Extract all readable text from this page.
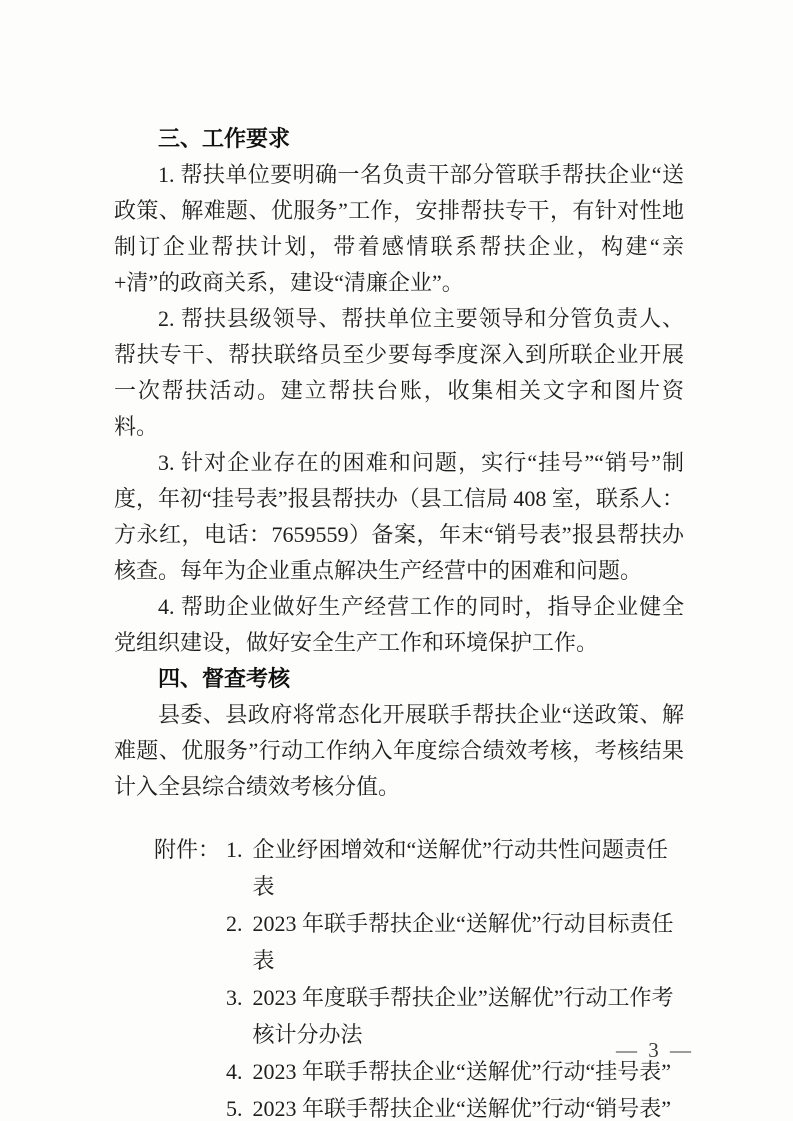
三、工作要求

1. 帮扶单位要明确一名负责干部分管联手帮扶企业“送政策、解难题、优服务”工作，安排帮扶专干，有针对性地制订企业帮扶计划，带着感情联系帮扶企业，构建“亲+清”的政商关系，建设“清廉企业”。

2. 帮扶县级领导、帮扶单位主要领导和分管负责人、帮扶专干、帮扶联络员至少要每季度深入到所联企业开展一次帮扶活动。建立帮扶台账，收集相关文字和图片资料。

3. 针对企业存在的困难和问题，实行“挂号”“销号”制度，年初“挂号表”报县帮扶办（县工信局 408 室，联系人：方永红，电话：7659559）备案，年末“销号表”报县帮扶办核查。每年为企业重点解决生产经营中的困难和问题。

4. 帮助企业做好生产经营工作的同时，指导企业健全党组织建设，做好安全生产工作和环境保护工作。

四、督查考核

县委、县政府将常态化开展联手帮扶企业“送政策、解难题、优服务”行动工作纳入年度综合绩效考核，考核结果计入全县综合绩效考核分值。

附件： 1. 企业纾困增效和“送解优”行动共性问题责任表
2. 2023 年联手帮扶企业“送解优”行动目标责任表
3. 2023 年度联手帮扶企业”送解优”行动工作考核计分办法
4. 2023 年联手帮扶企业“送解优”行动“挂号表”
5. 2023 年联手帮扶企业“送解优”行动“销号表”
— 3 —
